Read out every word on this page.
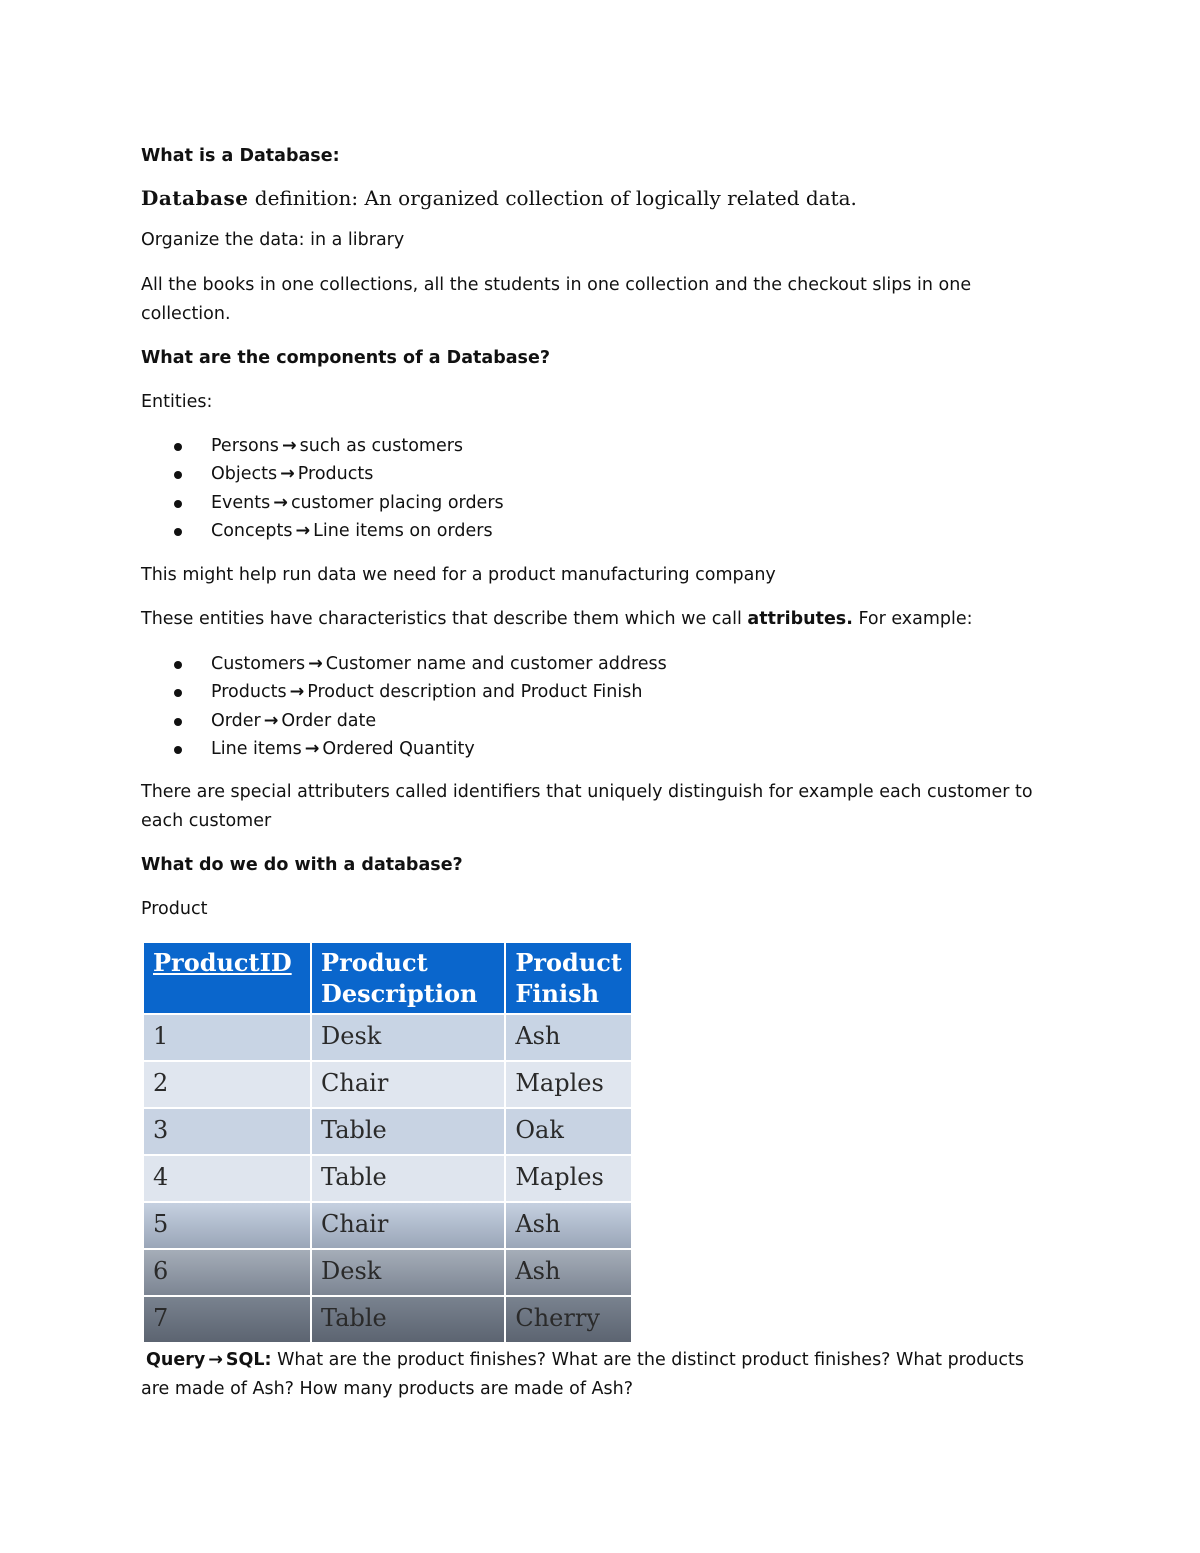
What is a Database:
Database definition: An organized collection of logically related data.
Organize the data: in a library
All the books in one collections, all the students in one collection and the checkout slips in one
collection.
What are the components of a Database?
Entities:
Persons → such as customers
Objects → Products
Events → customer placing orders
Concepts → Line items on orders
This might help run data we need for a product manufacturing company
These entities have characteristics that describe them which we call attributes. For example:
Customers → Customer name and customer address
Products → Product description and Product Finish
Order → Order date
Line items → Ordered Quantity
There are special attributers called identifiers that uniquely distinguish for example each customer to
each customer
What do we do with a database?
Product
ProductID	Product Description	Product Finish
1	Desk	Ash
2	Chair	Maples
3	Table	Oak
4	Table	Maples
5	Chair	Ash
6	Desk	Ash
7	Table	Cherry
Query → SQL: What are the product finishes? What are the distinct product finishes? What products
are made of Ash? How many products are made of Ash?
